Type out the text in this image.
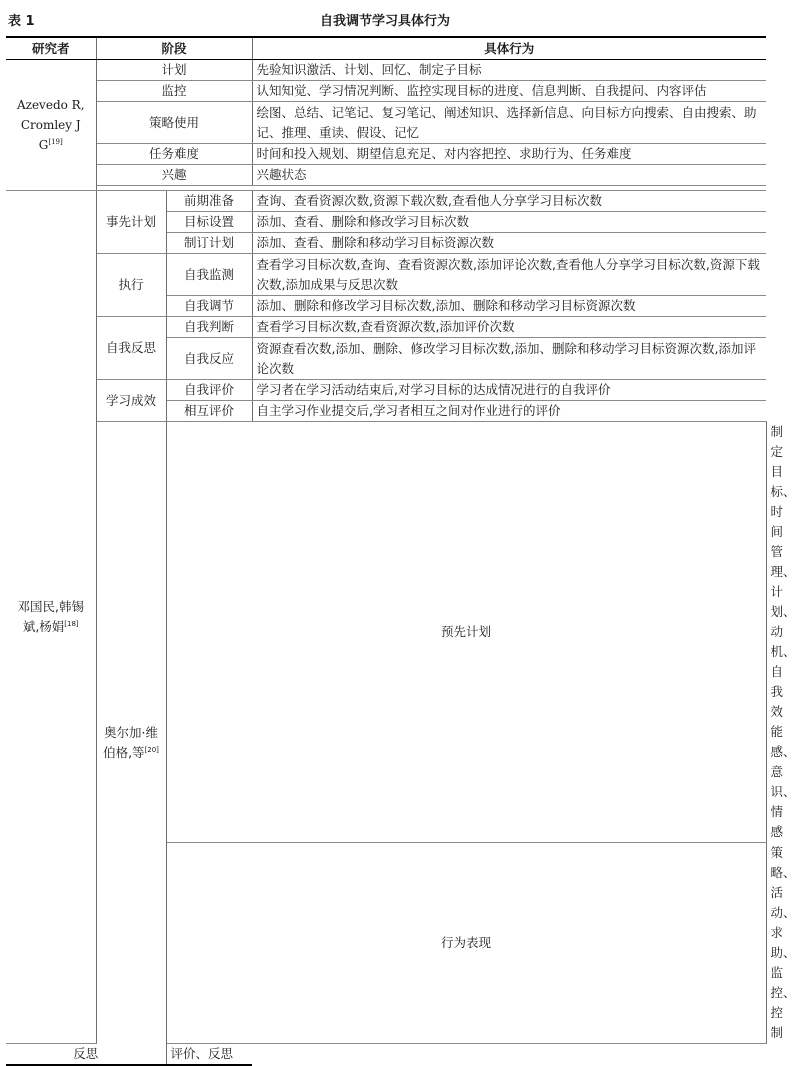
表 1	自我调节学习具体行为
研究者	阶段		具体行为	
Azevedo R,
Cromley J G[19]	计划		先验知识激活、计划、回忆、制定子目标	
	监控		认知知觉、学习情况判断、监控实现目标的进度、信息判断、自我提问、内容评估	
	策略使用		绘图、总结、记笔记、复习笔记、阐述知识、选择新信息、向目标方向搜索、自由搜索、助记、推理、重读、假设、记忆	
	任务难度		时间和投入规划、期望信息充足、对内容把控、求助行为、任务难度	
	兴趣		兴趣状态	

邓国民,韩锡斌,杨娟[18]	事先计划	前期准备	查询、查看资源次数,资源下载次数,查看他人分享学习目标次数	
		目标设置	添加、查看、删除和修改学习目标次数	
		制订计划	添加、查看、删除和移动学习目标资源次数	
	执行	自我监测	查看学习目标次数,查询、查看资源次数,添加评论次数,查看他人分享学习目标次数,资源下载次数,添加成果与反思次数	
		自我调节	添加、删除和修改学习目标次数,添加、删除和移动学习目标资源次数	
	自我反思	自我判断	查看学习目标次数,查看资源次数,添加评价次数	
		自我反应	资源查看次数,添加、删除、修改学习目标次数,添加、删除和移动学习目标资源次数,添加评论次数	
	学习成效	自我评价	学习者在学习活动结束后,对学习目标的达成情况进行的自我评价	
		相互评价	自主学习作业提交后,学习者相互之间对作业进行的评价	
	奥尔加·维伯格,等[20]	预先计划		制定目标、时间管理、计划、动机、自我效能感、意识、情感
		行为表现		策略、活动、求助、监控、控制
反思		评价、反思		
